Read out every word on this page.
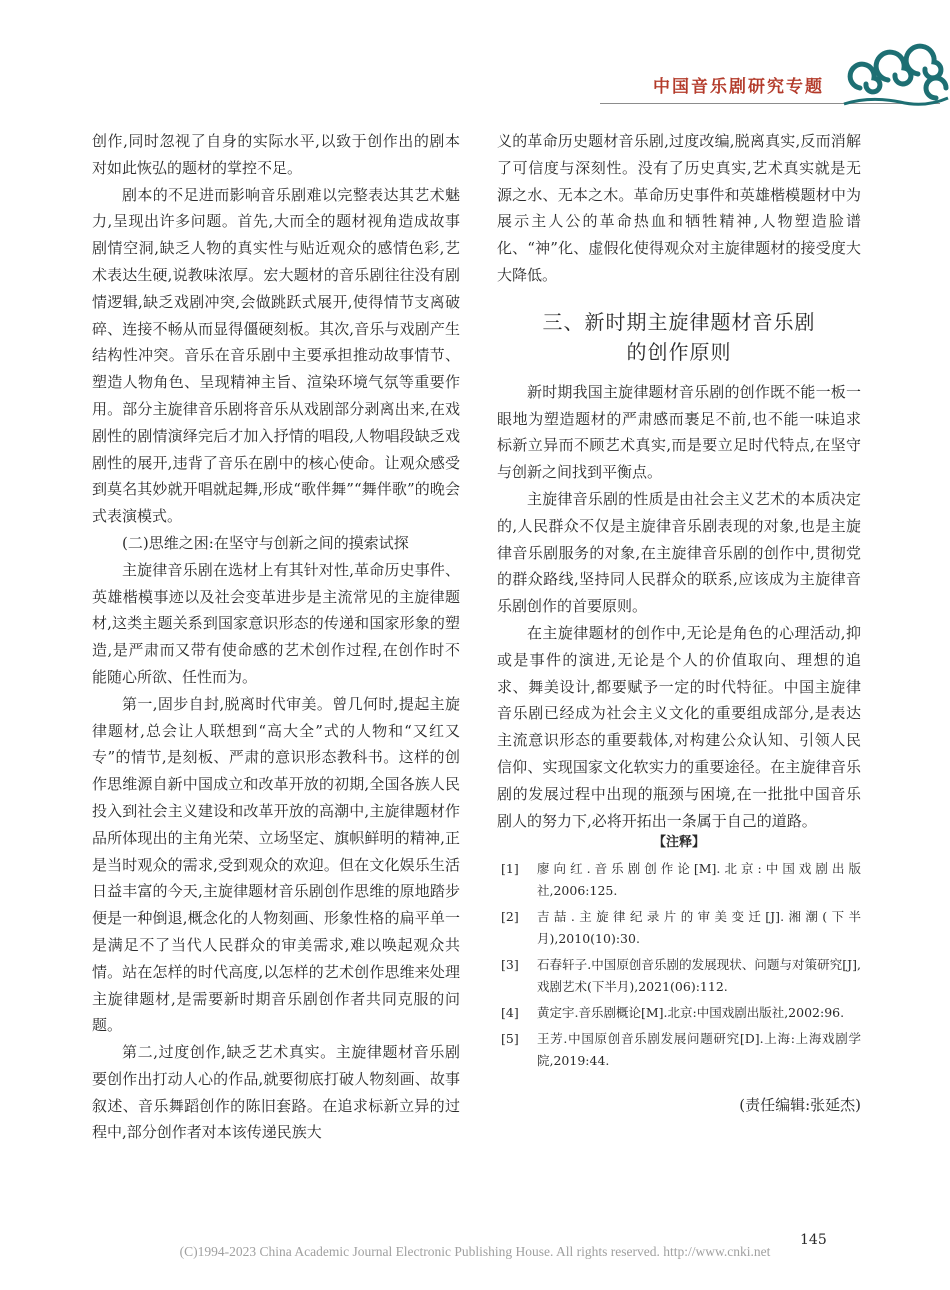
中国音乐剧研究专题

创作,同时忽视了自身的实际水平,以致于创作出的剧本对如此恢弘的题材的掌控不足。

剧本的不足进而影响音乐剧难以完整表达其艺术魅力,呈现出许多问题。首先,大而全的题材视角造成故事剧情空洞,缺乏人物的真实性与贴近观众的感情色彩,艺术表达生硬,说教味浓厚。宏大题材的音乐剧往往没有剧情逻辑,缺乏戏剧冲突,会做跳跃式展开,使得情节支离破碎、连接不畅从而显得僵硬刻板。其次,音乐与戏剧产生结构性冲突。音乐在音乐剧中主要承担推动故事情节、塑造人物角色、呈现精神主旨、渲染环境气氛等重要作用。部分主旋律音乐剧将音乐从戏剧部分剥离出来,在戏剧性的剧情演绎完后才加入抒情的唱段,人物唱段缺乏戏剧性的展开,违背了音乐在剧中的核心使命。让观众感受到莫名其妙就开唱就起舞,形成“歌伴舞”“舞伴歌”的晚会式表演模式。

(二)思维之困:在坚守与创新之间的摸索试探

主旋律音乐剧在选材上有其针对性,革命历史事件、英雄楷模事迹以及社会变革进步是主流常见的主旋律题材,这类主题关系到国家意识形态的传递和国家形象的塑造,是严肃而又带有使命感的艺术创作过程,在创作时不能随心所欲、任性而为。

第一,固步自封,脱离时代审美。曾几何时,提起主旋律题材,总会让人联想到“高大全”式的人物和“又红又专”的情节,是刻板、严肃的意识形态教科书。这样的创作思维源自新中国成立和改革开放的初期,全国各族人民投入到社会主义建设和改革开放的高潮中,主旋律题材作品所体现出的主角光荣、立场坚定、旗帜鲜明的精神,正是当时观众的需求,受到观众的欢迎。但在文化娱乐生活日益丰富的今天,主旋律题材音乐剧创作思维的原地踏步便是一种倒退,概念化的人物刻画、形象性格的扁平单一是满足不了当代人民群众的审美需求,难以唤起观众共情。站在怎样的时代高度,以怎样的艺术创作思维来处理主旋律题材,是需要新时期音乐剧创作者共同克服的问题。

第二,过度创作,缺乏艺术真实。主旋律题材音乐剧要创作出打动人心的作品,就要彻底打破人物刻画、故事叙述、音乐舞蹈创作的陈旧套路。在追求标新立异的过程中,部分创作者对本该传递民族大

义的革命历史题材音乐剧,过度改编,脱离真实,反而消解了可信度与深刻性。没有了历史真实,艺术真实就是无源之水、无本之木。革命历史事件和英雄楷模题材中为展示主人公的革命热血和牺牲精神,人物塑造脸谱化、“神”化、虚假化使得观众对主旋律题材的接受度大大降低。

三、新时期主旋律题材音乐剧
的创作原则

新时期我国主旋律题材音乐剧的创作既不能一板一眼地为塑造题材的严肃感而裹足不前,也不能一味追求标新立异而不顾艺术真实,而是要立足时代特点,在坚守与创新之间找到平衡点。

主旋律音乐剧的性质是由社会主义艺术的本质决定的,人民群众不仅是主旋律音乐剧表现的对象,也是主旋律音乐剧服务的对象,在主旋律音乐剧的创作中,贯彻党的群众路线,坚持同人民群众的联系,应该成为主旋律音乐剧创作的首要原则。

在主旋律题材的创作中,无论是角色的心理活动,抑或是事件的演进,无论是个人的价值取向、理想的追求、舞美设计,都要赋予一定的时代特征。中国主旋律音乐剧已经成为社会主义文化的重要组成部分,是表达主流意识形态的重要载体,对构建公众认知、引领人民信仰、实现国家文化软实力的重要途径。在主旋律音乐剧的发展过程中出现的瓶颈与困境,在一批批中国音乐剧人的努力下,必将开拓出一条属于自己的道路。

【注释】
[1]	廖向红.音乐剧创作论[M].北京:中国戏剧出版社,2006:125.
[2]	吉喆.主旋律纪录片的审美变迁[J].湘潮(下半月),2010(10):30.
[3]	石春轩子.中国原创音乐剧的发展现状、问题与对策研究[J],戏剧艺术(下半月),2021(06):112.
[4]	黄定宇.音乐剧概论[M].北京:中国戏剧出版社,2002:96.
[5]	王芳.中国原创音乐剧发展问题研究[D].上海:上海戏剧学院,2019:44.
(责任编辑:张延杰)
145
(C)1994-2023 China Academic Journal Electronic Publishing House. All rights reserved. http://www.cnki.net
